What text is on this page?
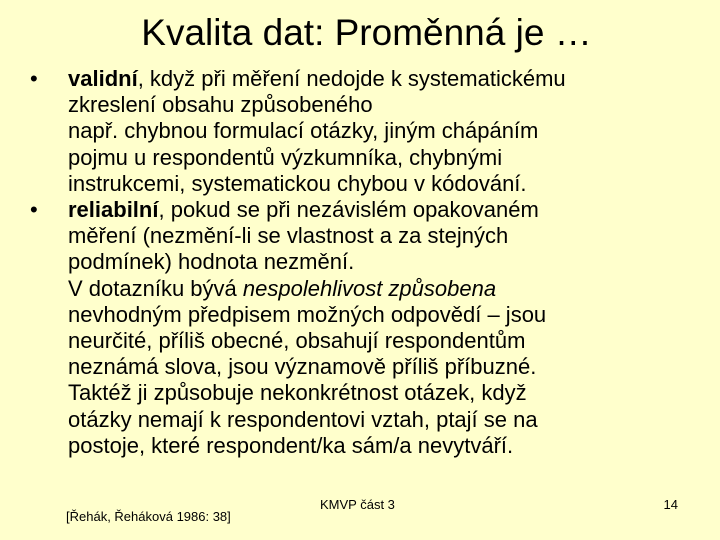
Kvalita dat: Proměnná je …
•	validní, když při měření nedojde k systematickému
zkreslení obsahu způsobeného
např. chybnou formulací otázky, jiným chápáním
pojmu u respondentů výzkumníka, chybnými
instrukcemi, systematickou chybou v kódování.
•	reliabilní, pokud se při nezávislém opakovaném
měření (nezmění-li se vlastnost a za stejných
podmínek) hodnota nezmění.
V dotazníku bývá nespolehlivost způsobena
nevhodným předpisem možných odpovědí – jsou
neurčité, příliš obecné, obsahují respondentům
neznámá slova, jsou významově příliš příbuzné.
Taktéž ji způsobuje nekonkrétnost otázek, když
otázky nemají k respondentovi vztah, ptají se na
postoje, které respondent/ka sám/a nevytváří.
[Řehák, Řeháková 1986: 38]
KMVP část 3	14
